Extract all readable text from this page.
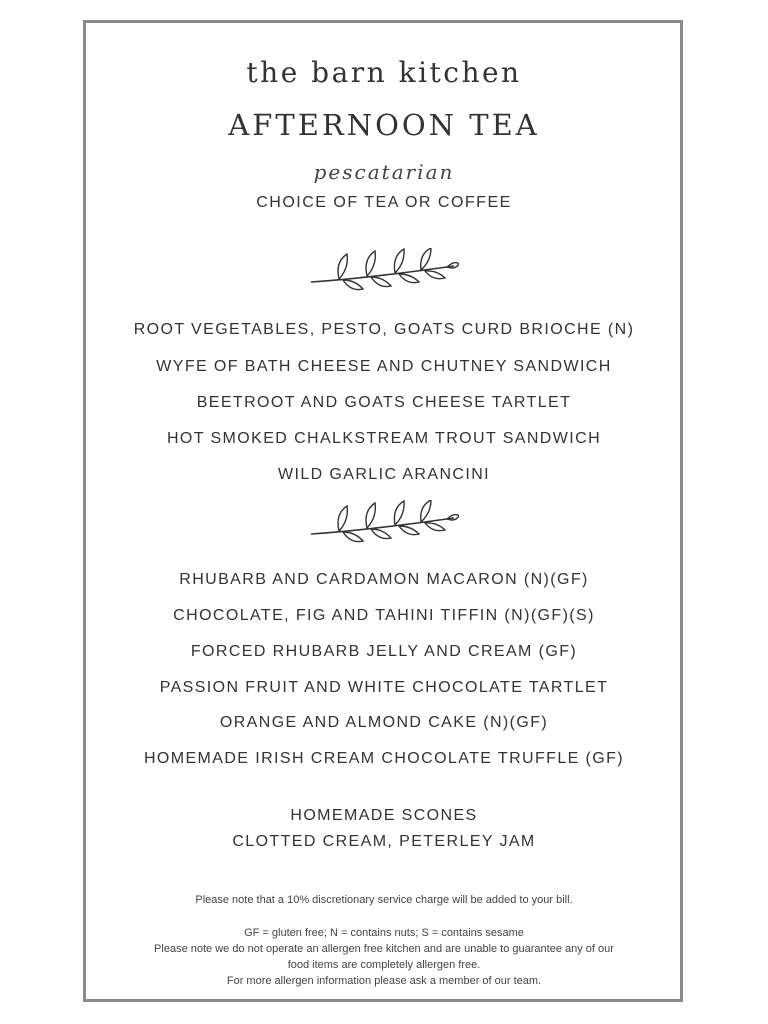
the barn kitchen
AFTERNOON TEA
pescatarian
CHOICE OF TEA OR COFFEE
ROOT VEGETABLES, PESTO, GOATS CURD BRIOCHE (N)
WYFE OF BATH CHEESE AND CHUTNEY SANDWICH
BEETROOT AND GOATS CHEESE TARTLET
HOT SMOKED CHALKSTREAM TROUT SANDWICH
WILD GARLIC ARANCINI
RHUBARB AND CARDAMON MACARON (N)(GF)
CHOCOLATE, FIG AND TAHINI TIFFIN (N)(GF)(S)
FORCED RHUBARB JELLY AND CREAM (GF)
PASSION FRUIT AND WHITE CHOCOLATE TARTLET
ORANGE AND ALMOND CAKE (N)(GF)
HOMEMADE IRISH CREAM CHOCOLATE TRUFFLE (GF)
HOMEMADE SCONES
CLOTTED CREAM, PETERLEY JAM
Please note that a 10% discretionary service charge will be added to your bill.
GF = gluten free; N = contains nuts; S = contains sesame
Please note we do not operate an allergen free kitchen and are unable to guarantee any of our
food items are completely allergen free.
For more allergen information please ask a member of our team.
